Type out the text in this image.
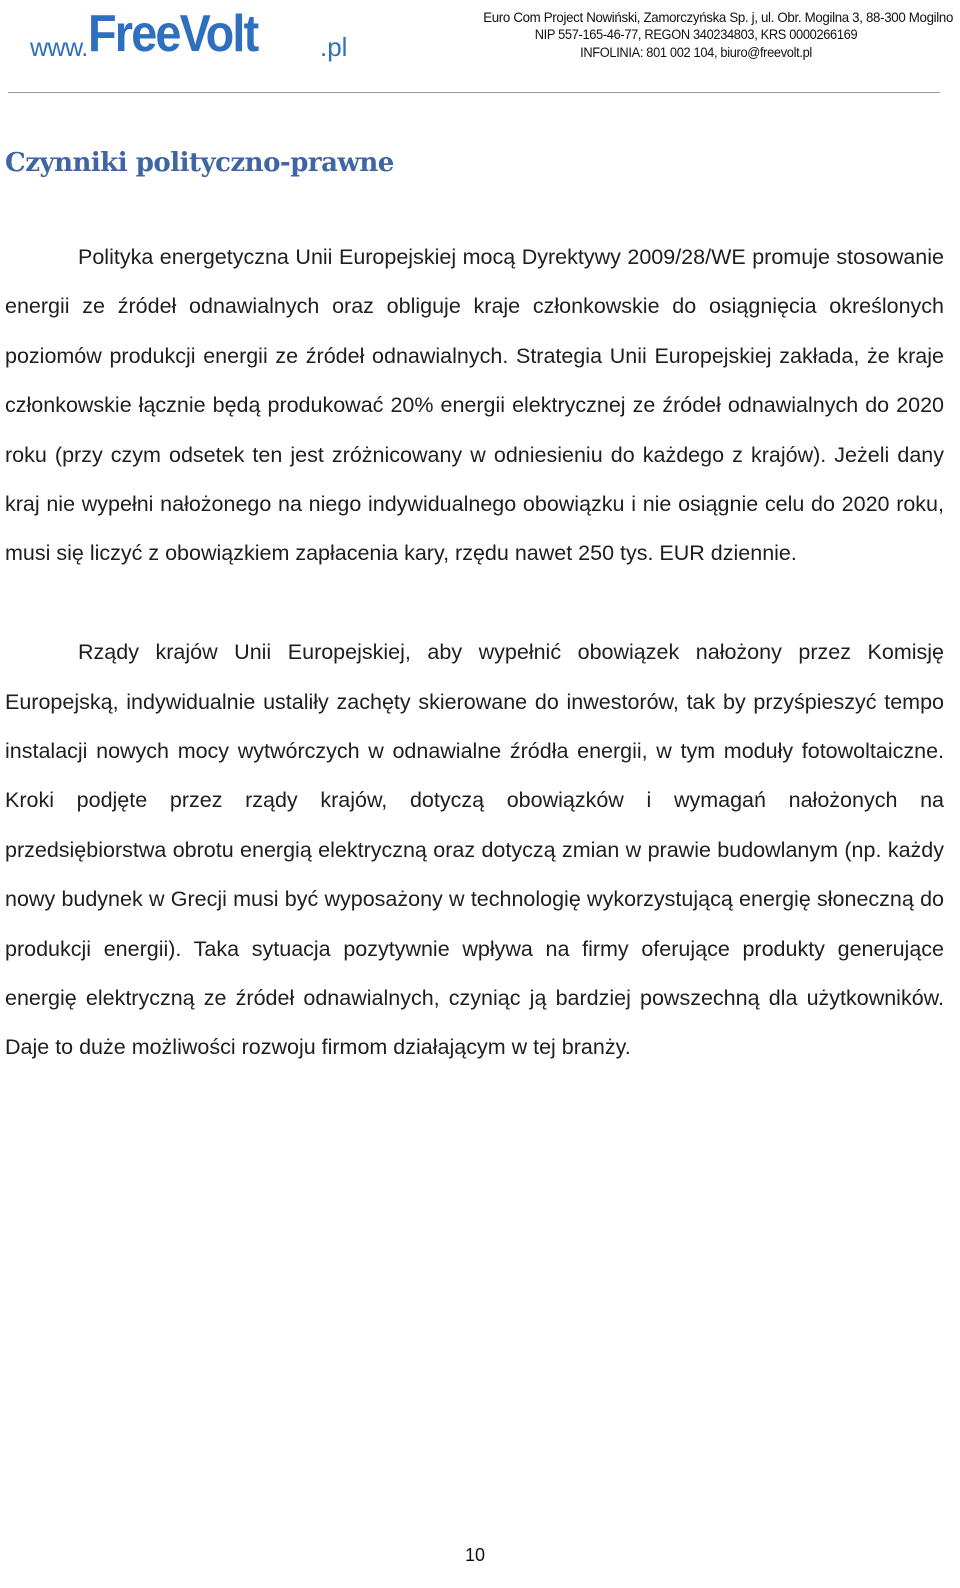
www. FreeVolt .pl
Euro Com Project Nowiński, Zamorczyńska Sp. j, ul. Obr. Mogilna 3, 88-300 Mogilno
NIP 557-165-46-77, REGON 340234803, KRS 0000266169
INFOLINIA: 801 002 104, biuro@freevolt.pl
Czynniki polityczno-prawne

Polityka energetyczna Unii Europejskiej mocą Dyrektywy 2009/28/WE promuje stosowanie energii ze źródeł odnawialnych oraz obliguje kraje członkowskie do osiągnięcia określonych poziomów produkcji energii ze źródeł odnawialnych. Strategia Unii Europejskiej zakłada, że kraje członkowskie łącznie będą produkować 20% energii elektrycznej ze źródeł odnawialnych do 2020 roku (przy czym odsetek ten jest zróżnicowany w odniesieniu do każdego z krajów). Jeżeli dany kraj nie wypełni nałożonego na niego indywidualnego obowiązku i nie osiągnie celu do 2020 roku, musi się liczyć z obowiązkiem zapłacenia kary, rzędu nawet 250 tys. EUR dziennie.

Rządy krajów Unii Europejskiej, aby wypełnić obowiązek nałożony przez Komisję Europejską, indywidualnie ustaliły zachęty skierowane do inwestorów, tak by przyśpieszyć tempo instalacji nowych mocy wytwórczych w odnawialne źródła energii, w tym moduły fotowoltaiczne. Kroki podjęte przez rządy krajów, dotyczą obowiązków i wymagań nałożonych na przedsiębiorstwa obrotu energią elektryczną oraz dotyczą zmian w prawie budowlanym (np. każdy nowy budynek w Grecji musi być wyposażony w technologię wykorzystującą energię słoneczną do produkcji energii). Taka sytuacja pozytywnie wpływa na firmy oferujące produkty generujące energię elektryczną ze źródeł odnawialnych, czyniąc ją bardziej powszechną dla użytkowników. Daje to duże możliwości rozwoju firmom działającym w tej branży.

10
